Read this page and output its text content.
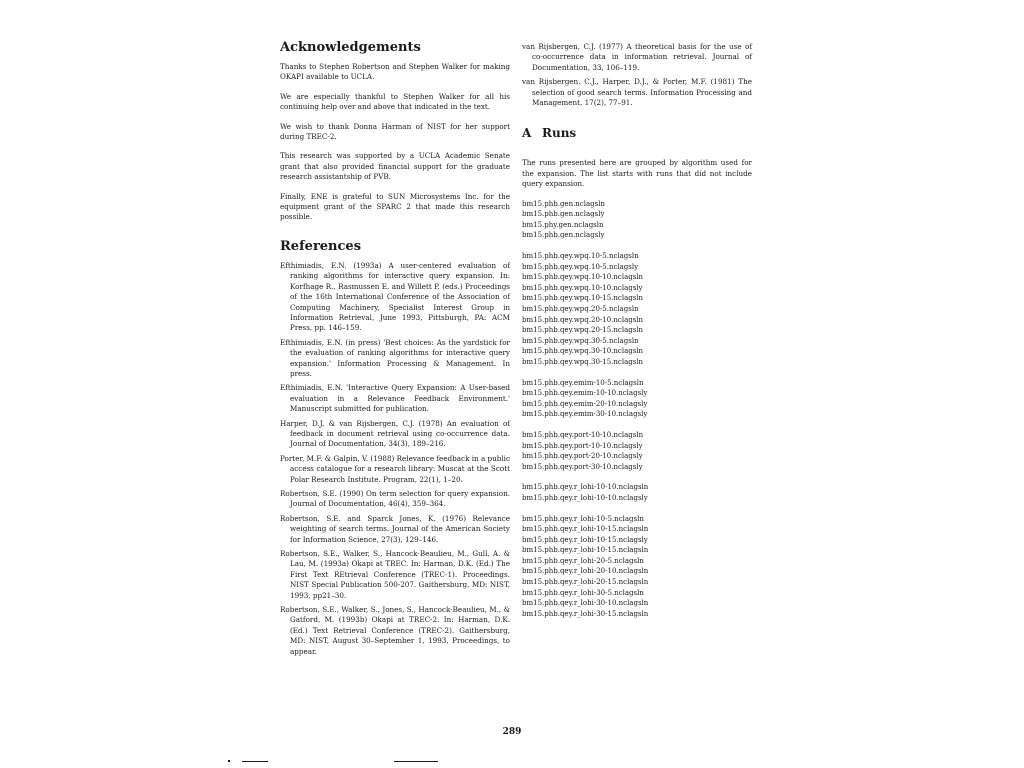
Acknowledgements
Thanks to Stephen Robertson and Stephen Walker for making OKAPI available to UCLA.
We are especially thankful to Stephen Walker for all his continuing help over and above that indicated in the text.
We wish to thank Donna Harman of NIST for her support during TREC-2.
This research was supported by a UCLA Academic Senate grant that also provided financial support for the graduate research assistantship of PVB.
Finally, ENE is grateful to SUN Microsystems Inc. for the equipment grant of the SPARC 2 that made this research possible.
References
Efthimiadis, E.N. (1993a) A user-centered evaluation of ranking algorithms for interactive query expansion. In: Korfhage R., Rasmussen E. and Willett P. (eds.) Proceedings of the 16th International Conference of the Association of Computing Machinery, Specialist Interest Group in Information Retrieval, June 1993, Pittsburgh, PA: ACM Press, pp. 146–159.
Efthimiadis, E.N. (in press) 'Best choices: As the yardstick for the evaluation of ranking algorithms for interactive query expansion.' Information Processing & Management. In press.
Efthimiadis, E.N. 'Interactive Query Expansion: A User-based evaluation in a Relevance Feedback Environment.' Manuscript submitted for publication.
Harper, D.J. & van Rijsbergen, C.J. (1978) An evaluation of feedback in document retrieval using co-occurrence data. Journal of Documentation, 34(3), 189–216.
Porter, M.F. & Galpin, V. (1988) Relevance feedback in a public access catalogue for a research library: Muscat at the Scott Polar Research Institute. Program, 22(1), 1–20.
Robertson, S.E. (1990) On term selection for query expansion. Journal of Documentation, 46(4), 359–364.
Robertson, S.E. and Sparck Jones, K. (1976) Relevance weighting of search terms. Journal of the American Society for Information Science, 27(3), 129–146.
Robertson, S.E., Walker, S., Hancock-Beaulieu, M., Gull, A. & Lau, M. (1993a) Okapi at TREC. In: Harman, D.K. (Ed.) The First Text REtrieval Conference (TREC-1). Proceedings. NIST Special Publication 500-207. Gaithersburg, MD: NIST, 1993, pp21–30.
Robertson, S.E., Walker, S., Jones, S., Hancock-Beaulieu, M., & Gatford, M. (1993b) Okapi at TREC-2. In: Harman, D.K. (Ed.) Text Retrieval Conference (TREC-2). Gaithersburg, MD: NIST, August 30–September 1, 1993, Proceedings, to appear.
van Rijsbergen, C.J. (1977) A theoretical basis for the use of co-occurrence data in information retrieval. Journal of Documentation, 33, 106–119.
van Rijsbergen, C.J., Harper, D.J., & Porter, M.F. (1981) The selection of good search terms. Information Processing and Management, 17(2), 77–91.
A Runs
The runs presented here are grouped by algorithm used for the expansion. The list starts with runs that did not include query expansion.
bm15.phb.gen.nclagsln
bm15.phb.gen.nclagsly
bm15.phy.gen.nclagsln
bm15.phb.gen.nclagsly
bm15.phb.qey.wpq.10-5.nclagsln
bm15.phb.qey.wpq.10-5.nclagsly
bm15.phb.qey.wpq.10-10.nclagsln
bm15.phb.qey.wpq.10-10.nclagsly
bm15.phb.qey.wpq.10-15.nclagsln
bm15.phb.qey.wpq.20-5.nclagsln
bm15.phb.qey.wpq.20-10.nclagsln
bm15.phb.qey.wpq.20-15.nclagsln
bm15.phb.qey.wpq.30-5.nclagsln
bm15.phb.qey.wpq.30-10.nclagsln
bm15.phb.qey.wpq.30-15.nclagsln
bm15.phb.qey.emim-10-5.nclagsln
bm15.phb.qey.emim-10-10.nclagsly
bm15.phb.qey.emim-20-10.nclagsly
bm15.phb.qey.emim-30-10.nclagsly
bm15.phb.qey.port-10-10.nclagsln
bm15.phb.qey.port-10-10.nclagsly
bm15.phb.qey.port-20-10.nclagsly
bm15.phb.qey.port-30-10.nclagsly
bm15.phb.qey.r_lohi-10-10.nclagsln
bm15.phb.qey.r_lohi-10-10.nclagsly
bm15.phb.qey.r_lohi-10-5.nclagsln
bm15.phb.qey.r_lohi-10-15.nclagsln
bm15.phb.qey.r_lohi-10-15.nclagsly
bm15.phb.qey.r_lohi-10-15.nclagsln
bm15.phb.qey.r_lohi-20-5.nclagsln
bm15.phb.qey.r_lohi-20-10.nclagsln
bm15.phb.qey.r_lohi-20-15.nclagsln
bm15.phb.qey.r_lohi-30-5.nclagsln
bm15.phb.qey.r_lohi-30-10.nclagsln
bm15.phb.qey.r_lohi-30-15.nclagsln
289
